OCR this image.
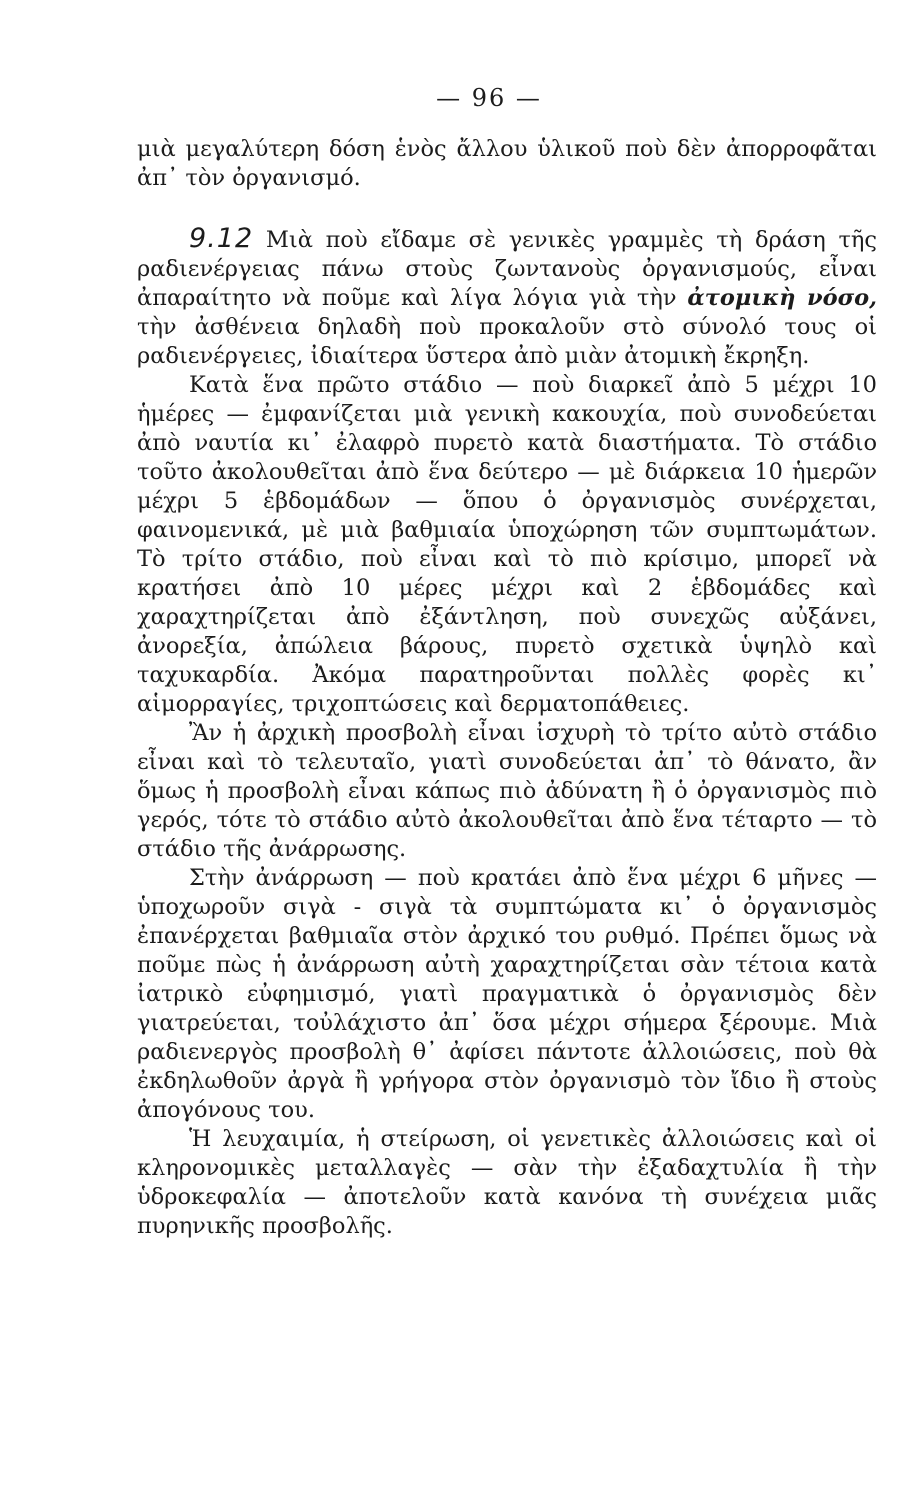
— 96 —

μιὰ μεγαλύτερη δόση ἑνὸς ἄλλου ὑλικοῦ ποὺ δὲν ἀπορροφᾶται ἀπ᾿ τὸν ὀργανισμό.

9.12 Μιὰ ποὺ εἴδαμε σὲ γενικὲς γραμμὲς τὴ δράση τῆς ραδιενέργειας πάνω στοὺς ζωντανοὺς ὀργανισμούς, εἶναι ἀπαραίτητο νὰ ποῦμε καὶ λίγα λόγια γιὰ τὴν ἀτομικὴ νόσο, τὴν ἀσθένεια δηλαδὴ ποὺ προκαλοῦν στὸ σύνολό τους οἱ ραδιενέργειες, ἰδιαίτερα ὕστερα ἀπὸ μιὰν ἀτομικὴ ἔκρηξη.

Κατὰ ἕνα πρῶτο στάδιο — ποὺ διαρκεῖ ἀπὸ 5 μέχρι 10 ἡμέρες — ἐμφανίζεται μιὰ γενικὴ κακουχία, ποὺ συνοδεύεται ἀπὸ ναυτία κι᾿ ἐλαφρὸ πυρετὸ κατὰ διαστήματα. Τὸ στάδιο τοῦτο ἀκολουθεῖται ἀπὸ ἕνα δεύτερο — μὲ διάρκεια 10 ἡμερῶν μέχρι 5 ἑβδομάδων — ὅπου ὁ ὀργανισμὸς συνέρχεται, φαινομενικά, μὲ μιὰ βαθμιαία ὑποχώρηση τῶν συμπτωμάτων. Τὸ τρίτο στάδιο, ποὺ εἶναι καὶ τὸ πιὸ κρίσιμο, μπορεῖ νὰ κρατήσει ἀπὸ 10 μέρες μέχρι καὶ 2 ἑβδομάδες καὶ χαραχτηρίζεται ἀπὸ ἐξάντληση, ποὺ συνεχῶς αὐξάνει, ἀνορεξία, ἀπώλεια βάρους, πυρετὸ σχετικὰ ὑψηλὸ καὶ ταχυκαρδία. Ἀκόμα παρατηροῦνται πολλὲς φορὲς κι᾿ αἱμορραγίες, τριχοπτώσεις καὶ δερματοπάθειες.

Ἂν ἡ ἀρχικὴ προσβολὴ εἶναι ἰσχυρὴ τὸ τρίτο αὐτὸ στάδιο εἶναι καὶ τὸ τελευταῖο, γιατὶ συνοδεύεται ἀπ᾿ τὸ θάνατο, ἂν ὅμως ἡ προσβολὴ εἶναι κάπως πιὸ ἀδύνατη ἢ ὁ ὀργανισμὸς πιὸ γερός, τότε τὸ στάδιο αὐτὸ ἀκολουθεῖται ἀπὸ ἕνα τέταρτο — τὸ στάδιο τῆς ἀνάρρωσης.

Στὴν ἀνάρρωση — ποὺ κρατάει ἀπὸ ἕνα μέχρι 6 μῆνες — ὑποχωροῦν σιγὰ - σιγὰ τὰ συμπτώματα κι᾿ ὁ ὀργανισμὸς ἐπανέρχεται βαθμιαῖα στὸν ἀρχικό του ρυθμό. Πρέπει ὅμως νὰ ποῦμε πὼς ἡ ἀνάρρωση αὐτὴ χαραχτηρίζεται σὰν τέτοια κατὰ ἰατρικὸ εὐφημισμό, γιατὶ πραγματικὰ ὁ ὀργανισμὸς δὲν γιατρεύεται, τοὐλάχιστο ἀπ᾿ ὅσα μέχρι σήμερα ξέρουμε. Μιὰ ραδιενεργὸς προσβολὴ θ᾿ ἀφίσει πάντοτε ἀλλοιώσεις, ποὺ θὰ ἐκδηλωθοῦν ἀργὰ ἢ γρήγορα στὸν ὀργανισμὸ τὸν ἴδιο ἢ στοὺς ἀπογόνους του.

Ἡ λευχαιμία, ἡ στείρωση, οἱ γενετικὲς ἀλλοιώσεις καὶ οἱ κληρονομικὲς μεταλλαγὲς — σὰν τὴν ἐξαδαχτυλία ἢ τὴν ὑδροκεφαλία — ἀποτελοῦν κατὰ κανόνα τὴ συνέχεια μιᾶς πυρηνικῆς προσβολῆς.
